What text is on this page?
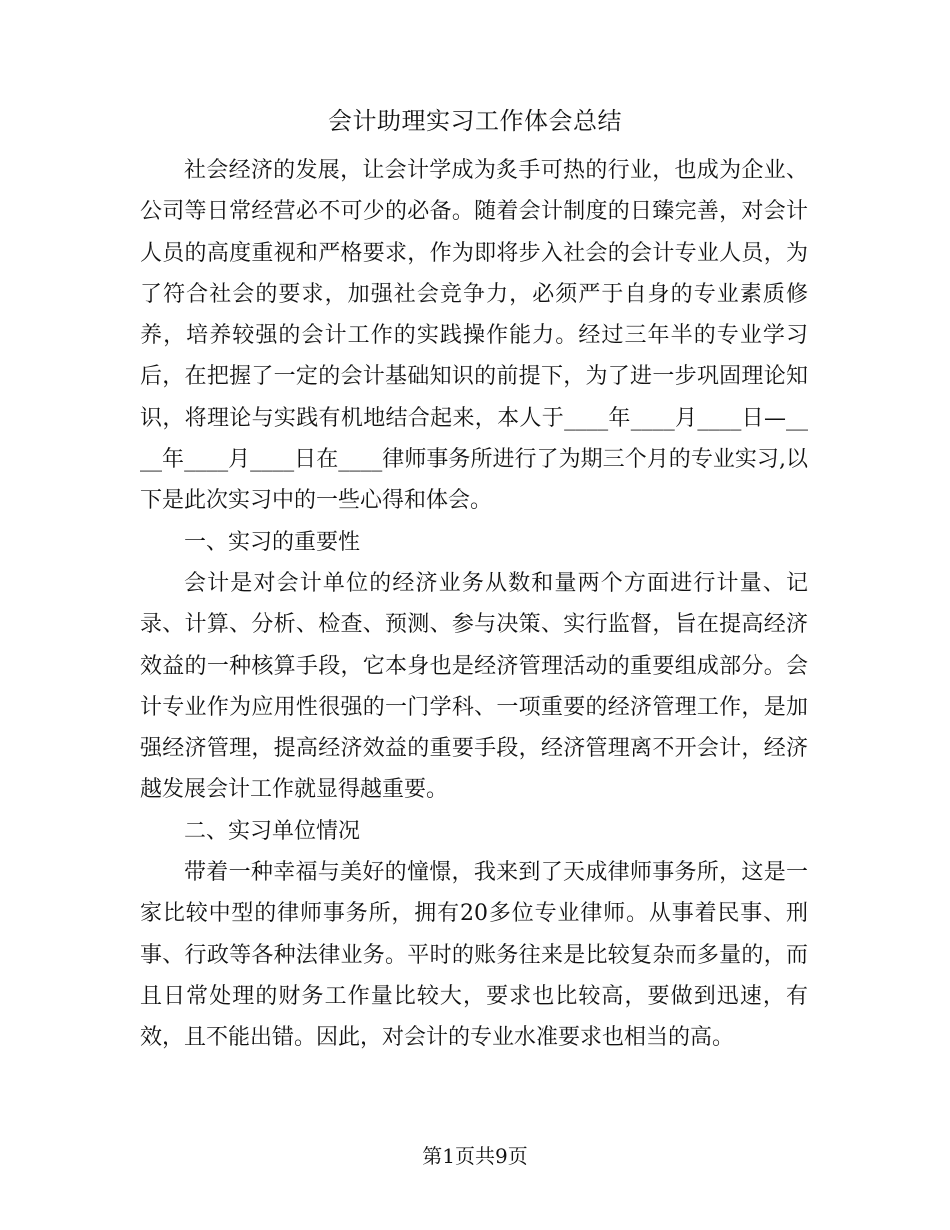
会计助理实习工作体会总结

社会经济的发展，让会计学成为炙手可热的行业，也成为企业、公司等日常经营必不可少的必备。随着会计制度的日臻完善，对会计人员的高度重视和严格要求，作为即将步入社会的会计专业人员，为了符合社会的要求，加强社会竞争力，必须严于自身的专业素质修养，培养较强的会计工作的实践操作能力。经过三年半的专业学习后，在把握了一定的会计基础知识的前提下，为了进一步巩固理论知识，将理论与实践有机地结合起来，本人于____年____月____日—____年____月____日在____律师事务所进行了为期三个月的专业实习,以下是此次实习中的一些心得和体会。

一、实习的重要性

会计是对会计单位的经济业务从数和量两个方面进行计量、记录、计算、分析、检查、预测、参与决策、实行监督，旨在提高经济效益的一种核算手段，它本身也是经济管理活动的重要组成部分。会计专业作为应用性很强的一门学科、一项重要的经济管理工作，是加强经济管理，提高经济效益的重要手段，经济管理离不开会计，经济越发展会计工作就显得越重要。

二、实习单位情况

带着一种幸福与美好的憧憬，我来到了天成律师事务所，这是一家比较中型的律师事务所，拥有20多位专业律师。从事着民事、刑事、行政等各种法律业务。平时的账务往来是比较复杂而多量的，而且日常处理的财务工作量比较大，要求也比较高，要做到迅速，有效，且不能出错。因此，对会计的专业水准要求也相当的高。

第1页共9页
